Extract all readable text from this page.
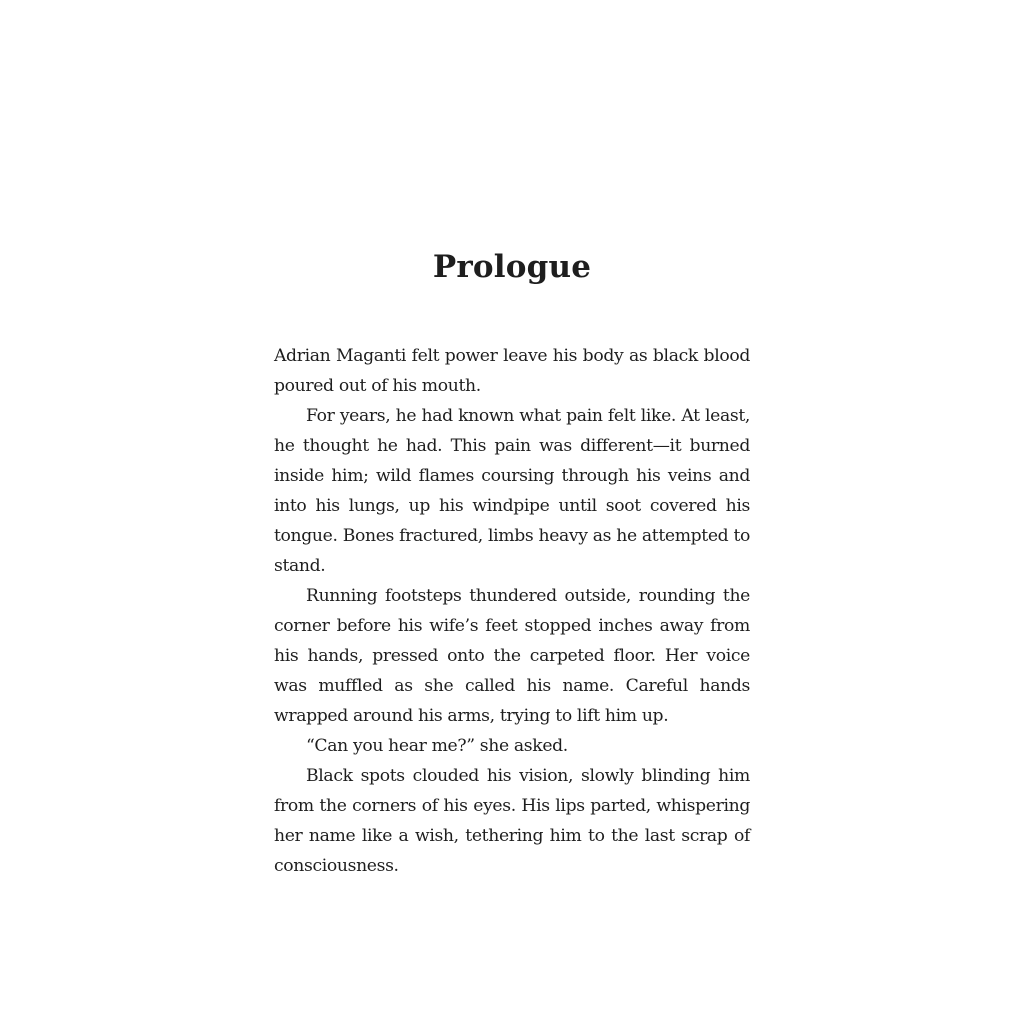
Prologue

Adrian Maganti felt power leave his body as black blood poured out of his mouth.

For years, he had known what pain felt like. At least, he thought he had. This pain was different—it burned inside him; wild flames coursing through his veins and into his lungs, up his windpipe until soot covered his tongue. Bones fractured, limbs heavy as he attempted to stand.

Running footsteps thundered outside, rounding the corner before his wife’s feet stopped inches away from his hands, pressed onto the carpeted floor. Her voice was muffled as she called his name. Careful hands wrapped around his arms, trying to lift him up.

“Can you hear me?” she asked.

Black spots clouded his vision, slowly blinding him from the corners of his eyes. His lips parted, whispering her name like a wish, tethering him to the last scrap of consciousness.
